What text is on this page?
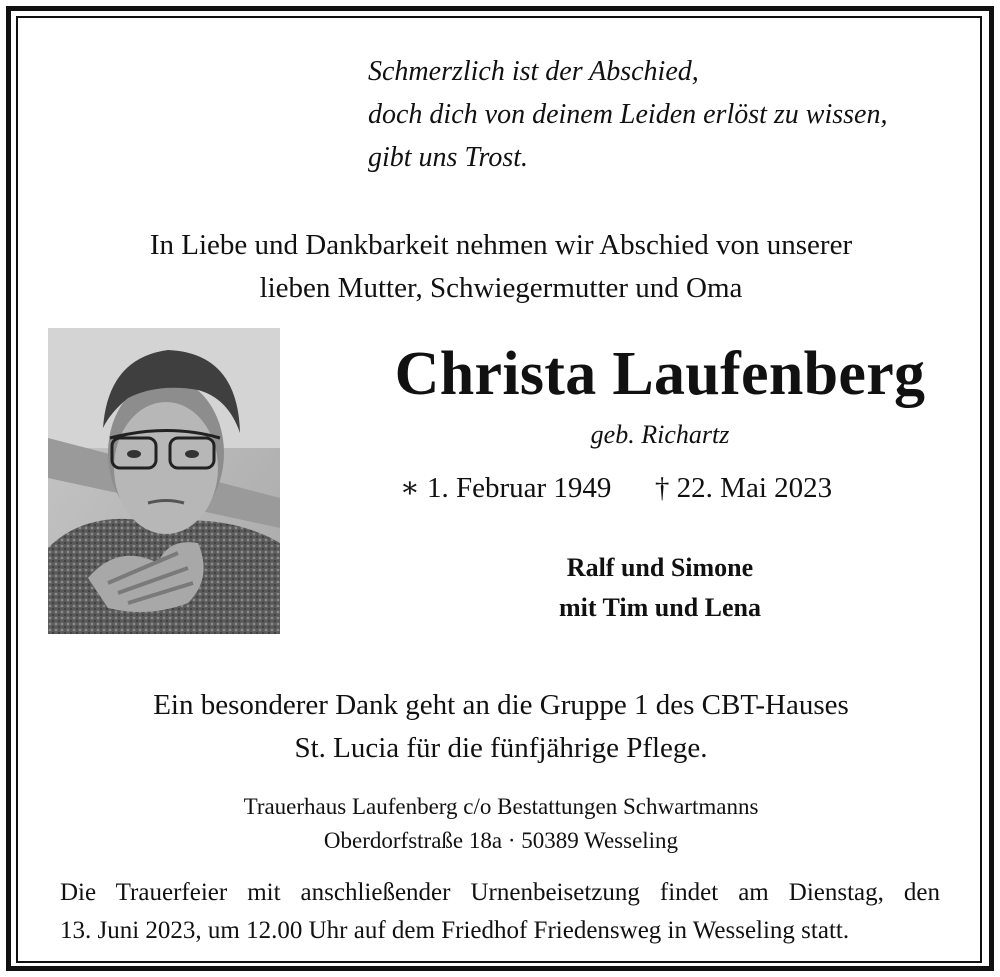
Schmerzlich ist der Abschied,
doch dich von deinem Leiden erlöst zu wissen,
gibt uns Trost.
In Liebe und Dankbarkeit nehmen wir Abschied von unserer
lieben Mutter, Schwiegermutter und Oma
Christa Laufenberg
geb. Richartz
∗ 1. Februar 1949 † 22. Mai 2023
Ralf und Simone
mit Tim und Lena
Ein besonderer Dank geht an die Gruppe 1 des CBT-Hauses
St. Lucia für die fünfjährige Pflege.
Trauerhaus Laufenberg c/o Bestattungen Schwartmanns
Oberdorfstraße 18a · 50389 Wesseling
Die Trauerfeier mit anschließender Urnenbeisetzung findet am Dienstag, den
13. Juni 2023, um 12.00 Uhr auf dem Friedhof Friedensweg in Wesseling statt.
